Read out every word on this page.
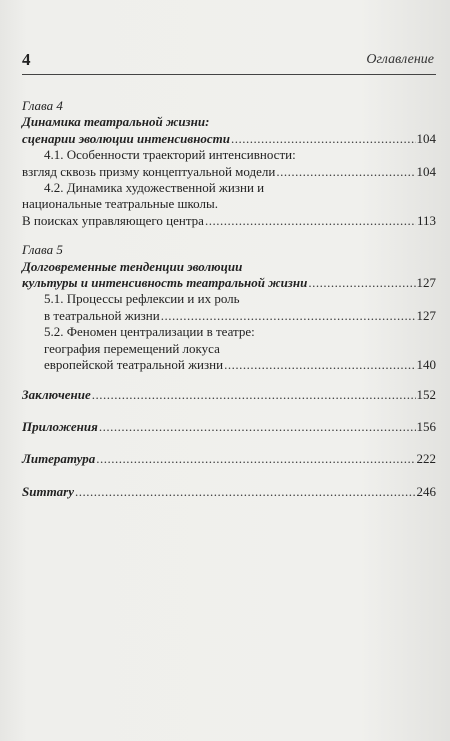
4	Оглавление
Глава 4
Динамика театральной жизни:
сценарии эволюции интенсивности .....	104
4.1. Особенности траекторий интенсивности:
взгляд сквозь призму концептуальной модели .....	104
4.2. Динамика художественной жизни и
национальные театральные школы.
В поисках управляющего центра .....	113
Глава 5
Долговременные тенденции эволюции
культуры и интенсивность театральной жизни .....	127
5.1. Процессы рефлексии и их роль
в театральной жизни .....	127
5.2. Феномен централизации в театре:
география перемещений локуса
европейской театральной жизни .....	140
Заключение .....	152
Приложения .....	156
Литература .....	222
Summary .....	246
